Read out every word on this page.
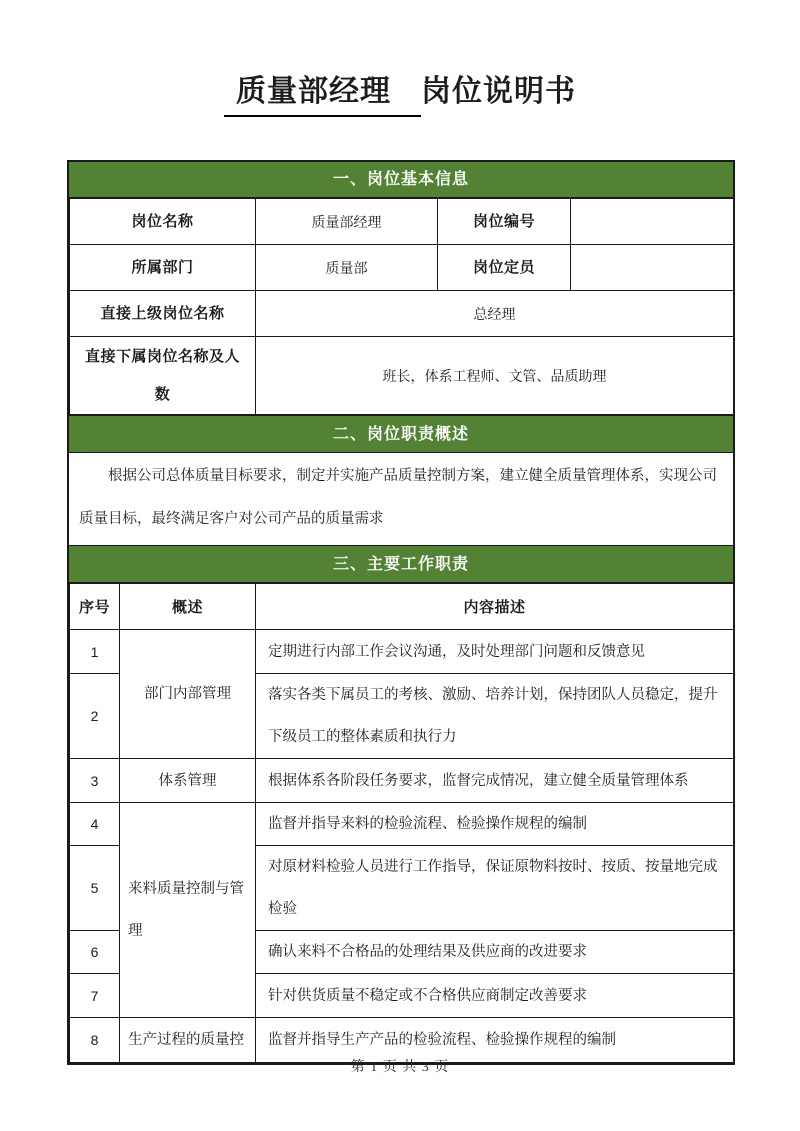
质量部经理 岗位说明书
一、岗位基本信息
岗位名称	质量部经理	岗位编号	
所属部门	质量部	岗位定员	
直接上级岗位名称	总经理		
直接下属岗位名称及人数	班长，体系工程师、文管、品质助理		
二、岗位职责概述
根据公司总体质量目标要求，制定并实施产品质量控制方案，建立健全质量管理体系，实现公司质量目标，最终满足客户对公司产品的质量需求
三、主要工作职责
序号	概述	内容描述
1	部门内部管理	定期进行内部工作会议沟通，及时处理部门问题和反馈意见
2		落实各类下属员工的考核、激励、培养计划，保持团队人员稳定，提升下级员工的整体素质和执行力
3	体系管理	根据体系各阶段任务要求，监督完成情况，建立健全质量管理体系
4	来料质量控制与管理	监督并指导来料的检验流程、检验操作规程的编制
5		对原材料检验人员进行工作指导，保证原物料按时、按质、按量地完成检验
6		确认来料不合格品的处理结果及供应商的改进要求
7		针对供货质量不稳定或不合格供应商制定改善要求
8	生产过程的质量控	监督并指导生产产品的检验流程、检验操作规程的编制
第 1 页 共 3 页
